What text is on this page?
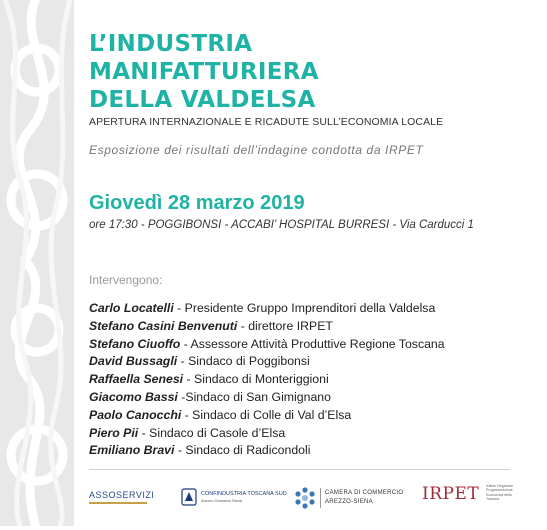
L’INDUSTRIA
MANIFATTURIERA
DELLA VALDELSA
APERTURA INTERNAZIONALE E RICADUTE SULL’ECONOMIA LOCALE
Esposizione dei risultati dell’indagine condotta da IRPET
Giovedì 28 marzo 2019
ore 17:30 - POGGIBONSI - ACCABI’ HOSPITAL BURRESI - Via Carducci 1
Intervengono:
Carlo Locatelli - Presidente Gruppo Imprenditori della Valdelsa
Stefano Casini Benvenuti - direttore IRPET
Stefano Ciuoffo - Assessore Attività Produttive Regione Toscana
David Bussagli - Sindaco di Poggibonsi
Raffaella Senesi - Sindaco di Monteriggioni
Giacomo Bassi -Sindaco di San Gimignano
Paolo Canocchi - Sindaco di Colle di Val d’Elsa
Piero Pii - Sindaco di Casole d’Elsa
Emiliano Bravi - Sindaco di Radicondoli
ASSOSERVIZI	CONFINDUSTRIA TOSCANA SUD
Arezzo Grosseto Siena
CAMERA DI COMMERCIO
AREZZO-SIENA	IRPET Istituto Regionale Programmazione Economica della Toscana
